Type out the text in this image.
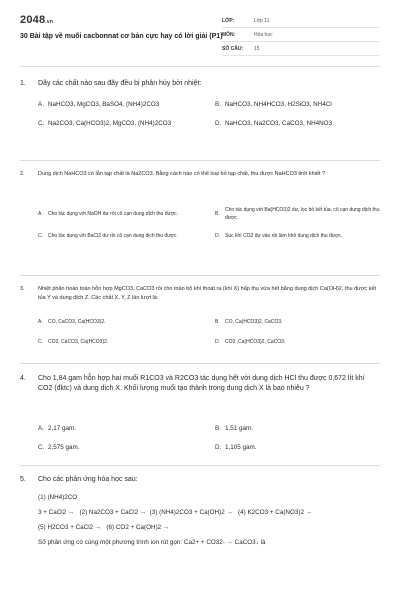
2048.vn
30 Bài tập về muối cacbonnat cơ bản cực hay có lời giải (P1)
LỚP:	Lớp 11
MÔN:	Hóa học
SỐ CÂU:	15
1.	Dãy các chất nào sau đây đều bị phân hủy bởi nhiệt:
A. NaHCO3, MgCO3, BaSO4, (NH4)2CO3	B. NaHCO3, NH4HCO3, H2SiO3, NH4Cl
C. Na2CO3, Ca(HCO3)2, MgCO3, (NH4)2CO3	D. NaHCO3, Na2CO3, CaCO3, NH4NO3
2.	Dung dịch NaHCO3 có lẫn tạp chất là Na2CO3. Bằng cách nào có thể loại bỏ tạp chất, thu được NaHCO3 tinh khiết ?
A.	Cho tác dụng với NaOH dư rồi cô cạn dung dịch thu được.	B.
Cho tác dụng với Ba(HCO3)2 dư, lọc bỏ kết tủa, cô cạn dung dịch thu được.
C.	Cho tác dụng với BaCl2 dư rồi cô cạn dung dịch thu được.	D.	Sục khí CO2 dư vào rồi làm khô dung dịch thu được.
3.	Nhiệt phân hoàn toàn hỗn hợp MgCO3, CaCO3 rồi cho toàn bộ khí thoát ra (khí X) hấp thụ vừa hết bằng dung dịch Ca(OH)2, thu được kết tủa Y và dung dịch Z. Các chất X, Y, Z lần lượt là:
A.	CO, CaCO3, Ca(HCO3)2.	B.	CO, Ca(HCO3)2, CaCO3.
C.	CO2, CaCO3, Ca(HCO3)2.	D.	CO2 ,Ca(HCO3)2, CaCO3.
4.	Cho 1,84 gam hỗn hợp hai muối R1CO3 và R2CO3 tác dụng hết với dung dịch HCl thu được 0,672 lít khí CO2 (đktc) và dung dịch X. Khối lượng muối tạo thành trong dung dịch X là bao nhiêu ?
A. 2,17 gam.	B. 1,51 gam.
C. 2,575 gam.	D. 1,105 gam.
5.	Cho các phản ứng hóa học sau:
(1) (NH4)2CO
3 + CaCl2 → (2) Na2CO3 + CaCl2 → (3) (NH4)2CO3 + Ca(OH)2 → (4) K2CO3 + Ca(NO3)2 →
(5) H2CO3 + CaCl2 → (6) CO2 + Ca(OH)2 →
Số phản ứng có cùng một phương trình ion rút gọn: Ca2+ + CO32- → CaCO3↓ là
